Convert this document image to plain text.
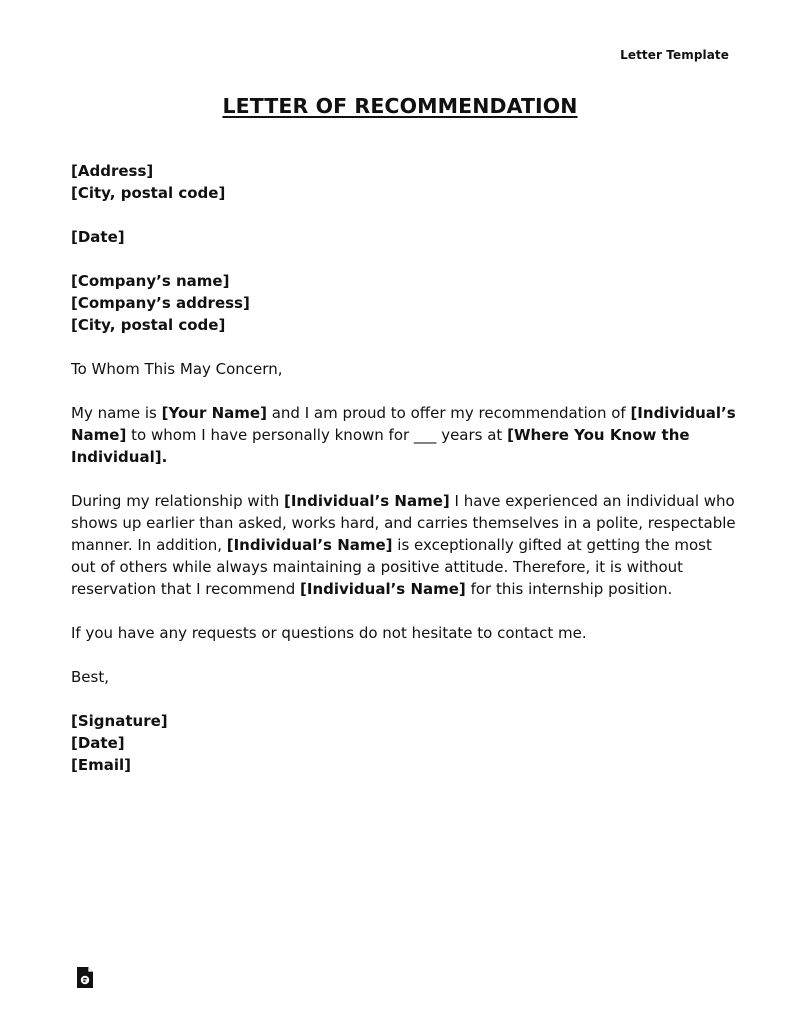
Letter Template
LETTER OF RECOMMENDATION
[Address]
[City, postal code]
[Date]
[Company’s name]
[Company’s address]
[City, postal code]

To Whom This May Concern,

My name is [Your Name] and I am proud to offer my recommendation of [Individual’s Name] to whom I have personally known for ___ years at [Where You Know the Individual].

During my relationship with [Individual’s Name] I have experienced an individual who shows up earlier than asked, works hard, and carries themselves in a polite, respectable manner. In addition, [Individual’s Name] is exceptionally gifted at getting the most out of others while always maintaining a positive attitude. Therefore, it is without reservation that I recommend [Individual’s Name] for this internship position.

If you have any requests or questions do not hesitate to contact me.

Best,

[Signature]
[Date]
[Email]
